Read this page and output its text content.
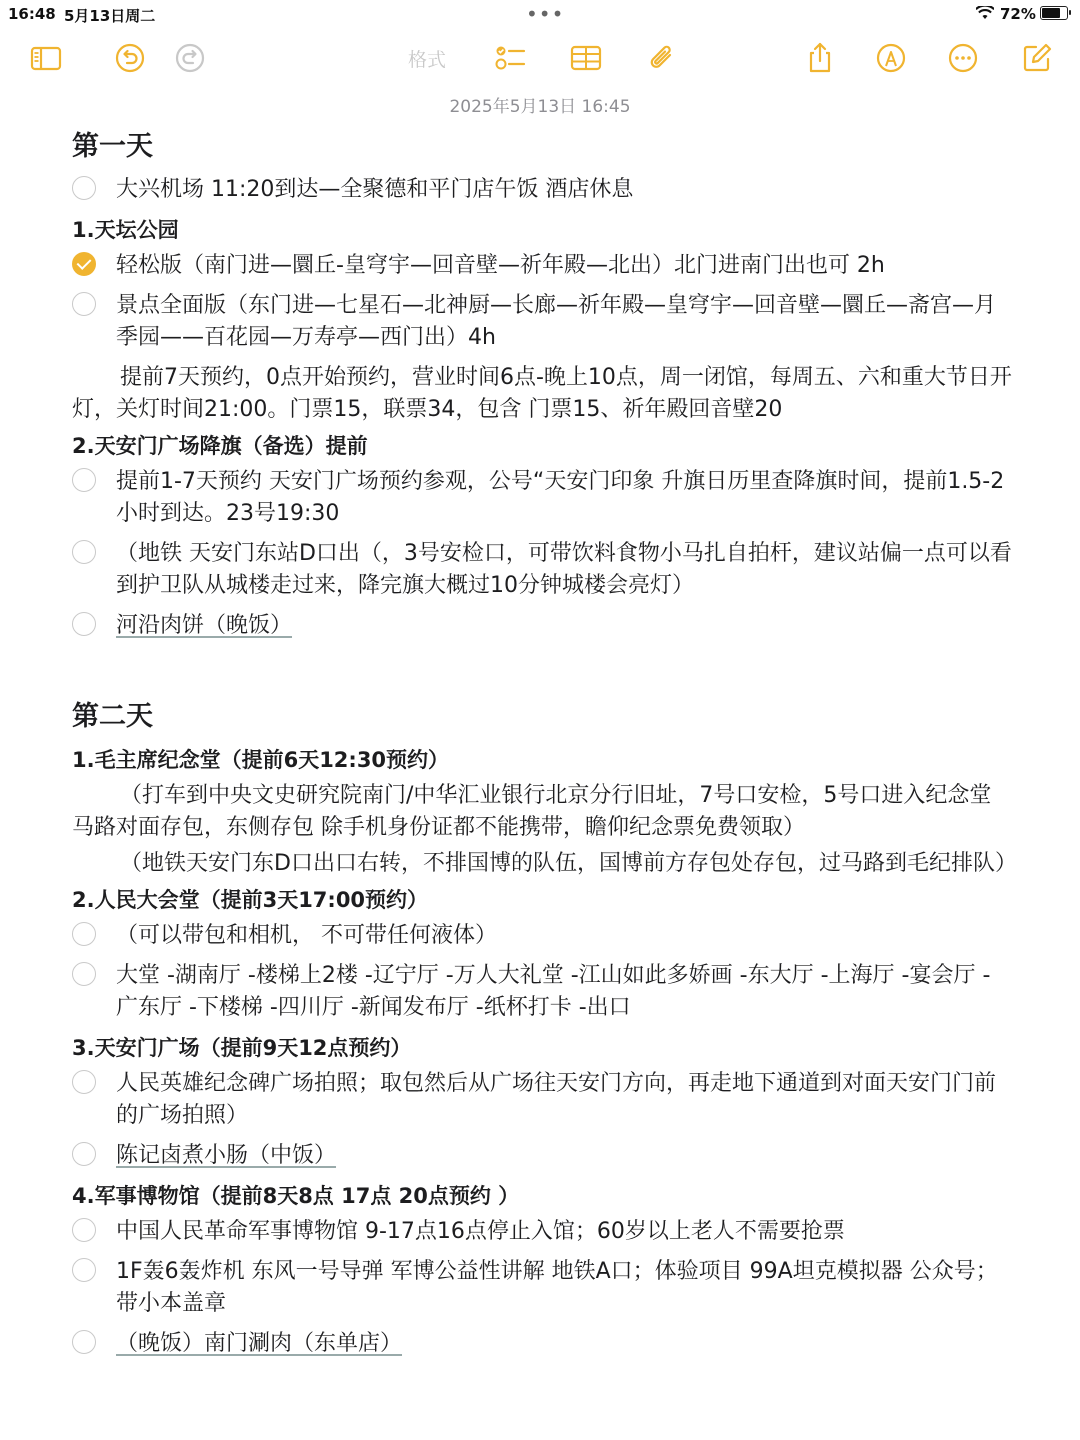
16:48 5月13日周二	•••	72%
格式
2025年5月13日 16:45
第一天
大兴机场 11:20到达—全聚德和平门店午饭 酒店休息
1.天坛公园
轻松版（南门进—圜丘-皇穹宇—回音壁—祈年殿—北出）北门进南门出也可 2h
景点全面版（东门进—七星石—北神厨—长廊—祈年殿—皇穹宇—回音壁—圜丘—斋宫—月季园——百花园—万寿亭—西门出）4h
提前7天预约，0点开始预约，营业时间6点-晚上10点，周一闭馆，每周五、六和重大节日开灯，关灯时间21:00。门票15，联票34，包含 门票15、祈年殿回音壁20
2.天安门广场降旗（备选）提前
提前1-7天预约 天安门广场预约参观，公号“天安门印象 升旗日历里查降旗时间，提前1.5-2小时到达。23号19:30
（地铁 天安门东站D口出（，3号安检口，可带饮料食物小马扎自拍杆，建议站偏一点可以看到护卫队从城楼走过来，降完旗大概过10分钟城楼会亮灯）
河沿肉饼（晚饭）
第二天
1.毛主席纪念堂（提前6天12:30预约）
（打车到中央文史研究院南门/中华汇业银行北京分行旧址，7号口安检，5号口进入纪念堂马路对面存包，东侧存包 除手机身份证都不能携带，瞻仰纪念票免费领取）
（地铁天安门东D口出口右转，不排国博的队伍，国博前方存包处存包，过马路到毛纪排队）
2.人民大会堂（提前3天17:00预约）
（可以带包和相机， 不可带任何液体）
大堂 -湖南厅 -楼梯上2楼 -辽宁厅 -万人大礼堂 -江山如此多娇画 -东大厅 -上海厅 -宴会厅 -广东厅 -下楼梯 -四川厅 -新闻发布厅 -纸杯打卡 -出口
3.天安门广场（提前9天12点预约）
人民英雄纪念碑广场拍照；取包然后从广场往天安门方向，再走地下通道到对面天安门门前的广场拍照）
陈记卤煮小肠（中饭）
4.军事博物馆（提前8天8点 17点 20点预约 ）
中国人民革命军事博物馆 9-17点16点停止入馆；60岁以上老人不需要抢票
1F轰6轰炸机 东风一号导弹 军博公益性讲解 地铁A口；体验项目 99A坦克模拟器 公众号；带小本盖章
（晚饭）南门涮肉（东单店）
